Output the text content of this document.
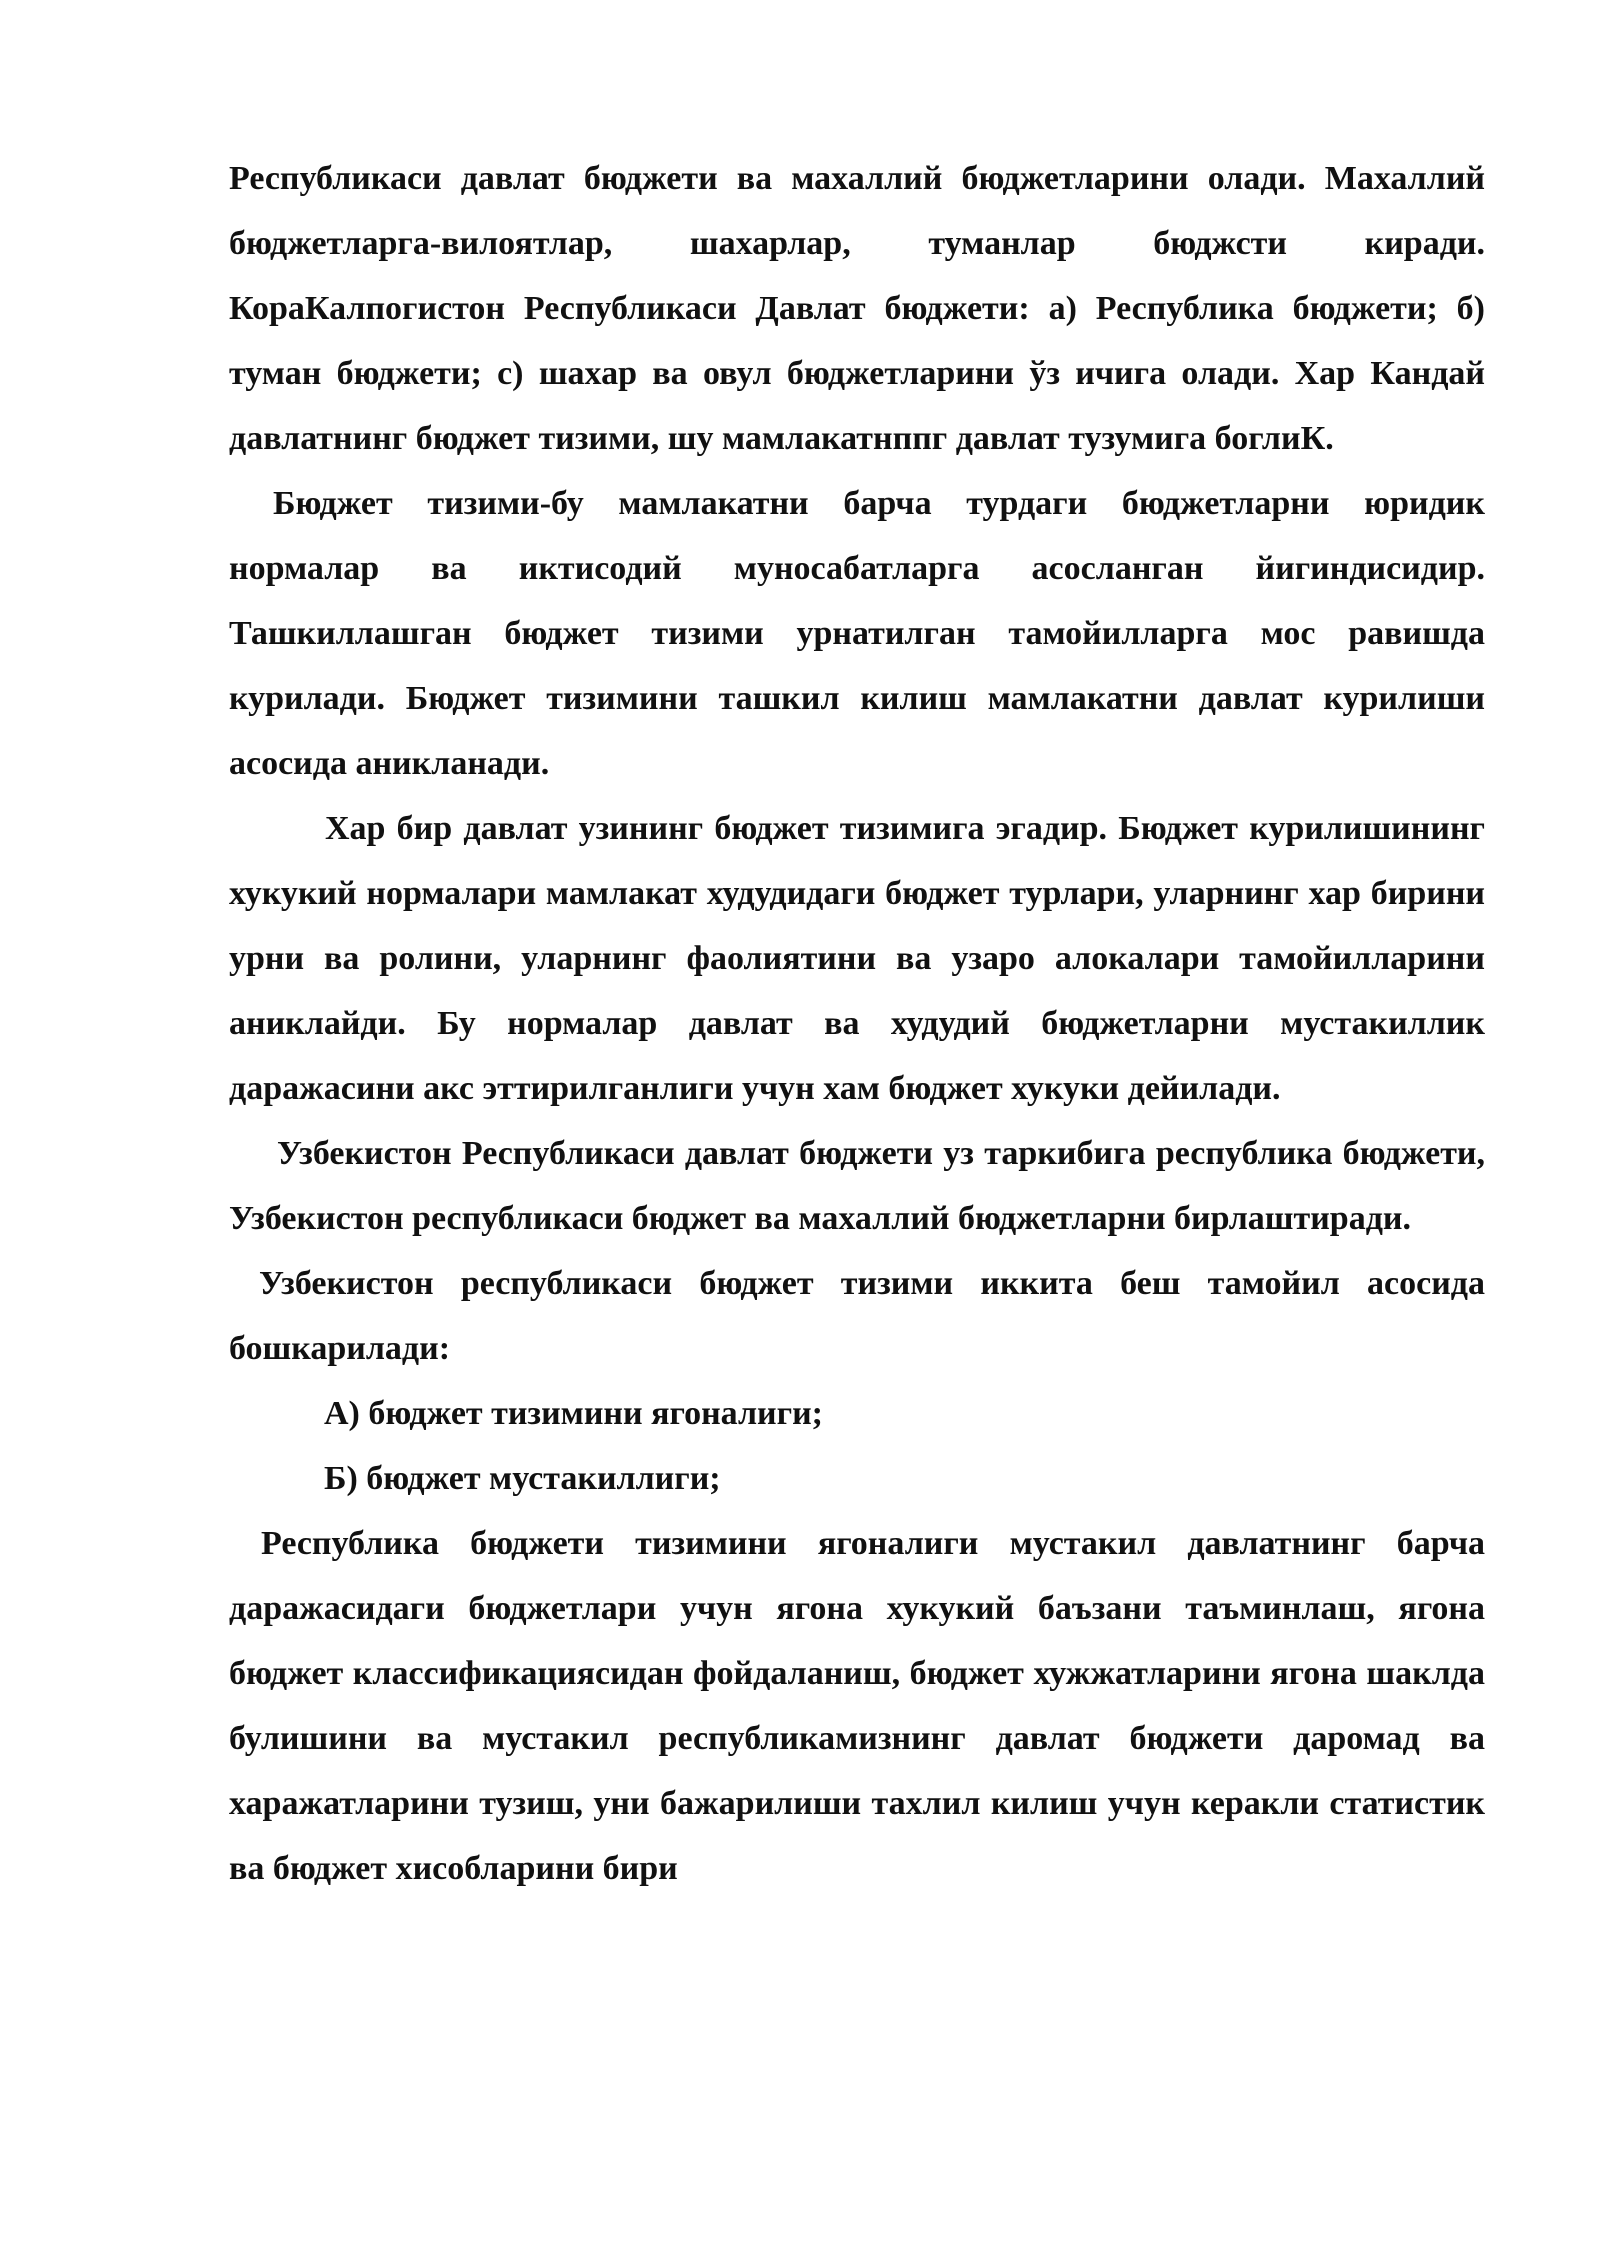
Республикаси давлат бюджети ва махаллий бюджетларини олади. Махаллий бюджетларга-вилоятлар, шахарлар, туманлар бюджсти киради. КораКалпогистон Республикаси Давлат бюджети: а) Республика бюджети; б) туман бюджети; с) шахар ва овул бюджетларини ўз ичига олади. Хар Кандай давлатнинг бюджет тизими, шу мамлакатнппг давлат тузумига боглиК.

Бюджет тизими-бу мамлакатни барча турдаги бюджетларни юридик нормалар ва иктисодий муносабатларга асосланган йигиндисидир. Ташкиллашган бюджет тизими урнатилган тамойилларга мос равишда курилади. Бюджет тизимини ташкил килиш мамлакатни давлат курилиши асосида аникланади.

Хар бир давлат узининг бюджет тизимига эгадир. Бюджет курилишининг хукукий нормалари мамлакат худудидаги бюджет турлари, уларнинг хар бирини урни ва ролини, уларнинг фаолиятини ва узаро алокалари тамойилларини аниклайди. Бу нормалар давлат ва худудий бюджетларни мустакиллик даражасини акс эттирилганлиги учун хам бюджет хукуки дейилади.

Узбекистон Республикаси давлат бюджети уз таркибига республика бюджети, Узбекистон республикаси бюджет ва махаллий бюджетларни бирлаштиради.

Узбекистон республикаси бюджет тизими иккита беш тамойил асосида бошкарилади:

А) бюджет тизимини ягоналиги;

Б) бюджет мустакиллиги;

Республика бюджети тизимини ягоналиги мустакил давлатнинг барча даражасидаги бюджетлари учун ягона хукукий баъзани таъминлаш, ягона бюджет классификациясидан фойдаланиш, бюджет хужжатларини ягона шаклда булишини ва мустакил республикамизнинг давлат бюджети даромад ва харажатларини тузиш, уни бажарилиши тахлил килиш учун керакли статистик ва бюджет хисобларини бири
